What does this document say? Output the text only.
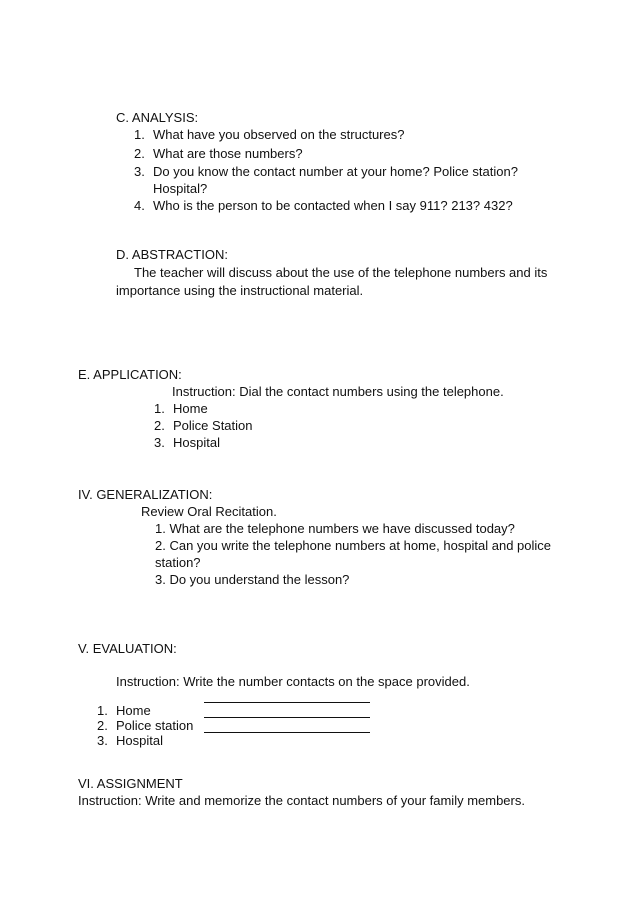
C. ANALYSIS:
1. What have you observed on the structures?
2. What are those numbers?
3. Do you know the contact number at your home? Police station?
Hospital?
4. Who is the person to be contacted when I say 911? 213? 432?
D. ABSTRACTION:
The teacher will discuss about the use of the telephone numbers and its
importance using the instructional material.
E. APPLICATION:
Instruction: Dial the contact numbers using the telephone.
1. Home
2. Police Station
3. Hospital
IV. GENERALIZATION:
Review Oral Recitation.
1. What are the telephone numbers we have discussed today?
2. Can you write the telephone numbers at home, hospital and police
station?
3. Do you understand the lesson?
V. EVALUATION:
Instruction: Write the number contacts on the space provided.
1. Home
2. Police station
3. Hospital
VI. ASSIGNMENT
Instruction: Write and memorize the contact numbers of your family members.
